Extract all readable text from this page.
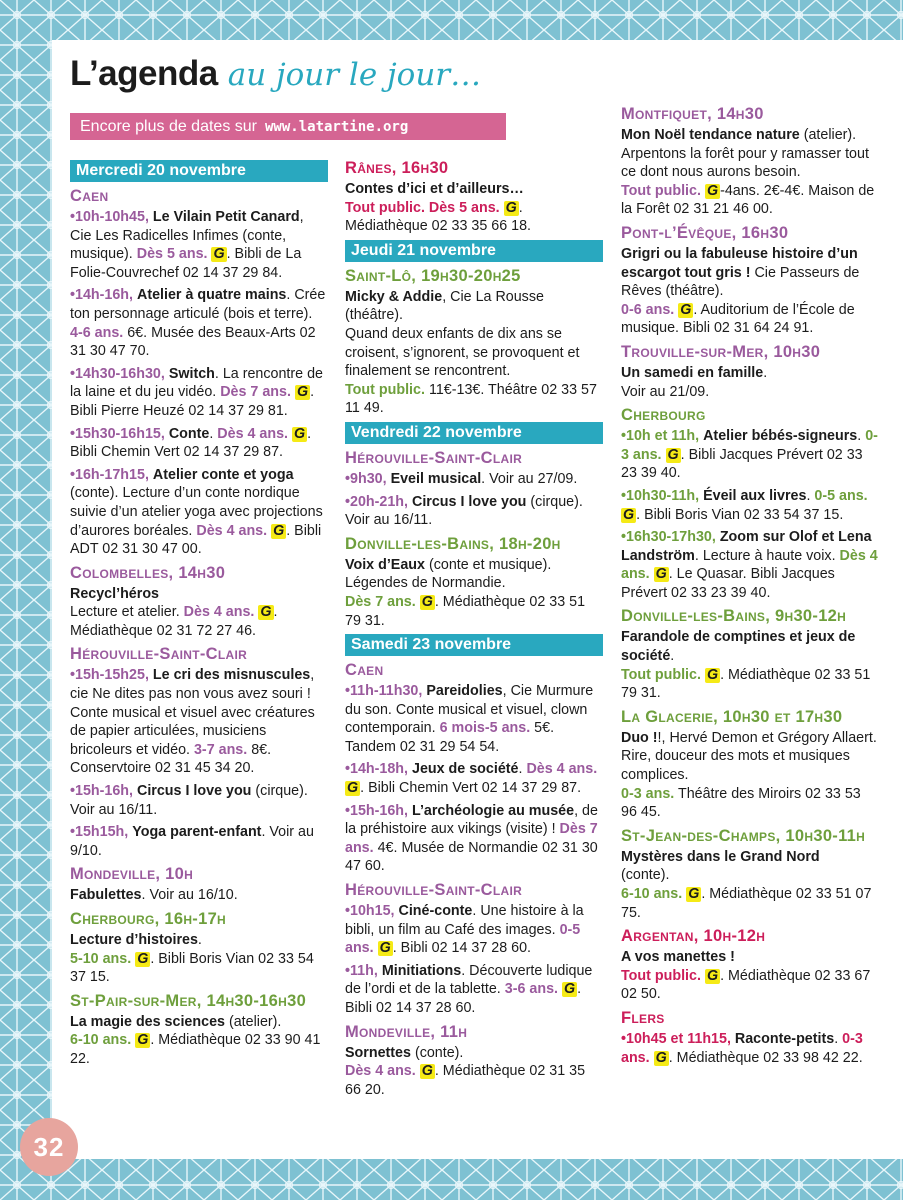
L’agenda au jour le jour…
Encore plus de dates sur www.latartine.org
Mercredi 20 novembre
Caen

•10h-10h45, Le Vilain Petit Canard, Cie Les Radicelles Infimes (conte, musique). Dès 5 ans. G . Bibli de La Folie-Couvrechef 02 14 37 29 84.

•14h-16h, Atelier à quatre mains. Crée ton personnage articulé (bois et terre). 4-6 ans. 6€. Musée des Beaux-Arts 02 31 30 47 70.

•14h30-16h30, Switch. La rencontre de la laine et du jeu vidéo. Dès 7 ans. G . Bibli Pierre Heuzé 02 14 37 29 81.

•15h30-16h15, Conte. Dès 4 ans. G . Bibli Chemin Vert 02 14 37 29 87.

•16h-17h15, Atelier conte et yoga (conte). Lecture d’un conte nordique suivie d’un atelier yoga avec projections d’aurores boréales. Dès 4 ans. G . Bibli ADT 02 31 30 47 00.

Colombelles, 14h30

Recycl’héros
Lecture et atelier. Dès 4 ans. G . Médiathèque 02 31 72 27 46.

Hérouville-Saint-Clair

•15h-15h25, Le cri des misnuscules, cie Ne dites pas non vous avez souri ! Conte musical et visuel avec créatures de papier articulées, musiciens bricoleurs et vidéo. 3-7 ans. 8€. Conservtoire 02 31 45 34 20.

•15h-16h, Circus I love you (cirque). Voir au 16/11.

•15h15h, Yoga parent-enfant. Voir au 9/10.

Mondeville, 10h

Fabulettes. Voir au 16/10.

Cherbourg, 16h-17h

Lecture d’histoires.
5-10 ans. G . Bibli Boris Vian 02 33 54 37 15.

St-Pair-sur-Mer, 14h30-16h30

La magie des sciences (atelier).
6-10 ans. G . Médiathèque 02 33 90 41 22.

Rânes, 16h30

Contes d’ici et d’ailleurs…
Tout public. Dès 5 ans. G . Médiathèque 02 33 35 66 18.

Jeudi 21 novembre
Saint-Lô, 19h30-20h25

Micky & Addie, Cie La Rousse (théâtre).
Quand deux enfants de dix ans se croisent, s’ignorent, se provoquent et finalement se rencontrent.
Tout public. 11€-13€. Théâtre 02 33 57 11 49.

Vendredi 22 novembre
Hérouville-Saint-Clair

•9h30, Eveil musical. Voir au 27/09.

•20h-21h, Circus I love you (cirque). Voir au 16/11.

Donville-les-Bains, 18h-20h

Voix d’Eaux (conte et musique). Légendes de Normandie.
Dès 7 ans. G . Médiathèque 02 33 51 79 31.

Samedi 23 novembre
Caen

•11h-11h30, Pareidolies, Cie Murmure du son. Conte musical et visuel, clown contemporain. 6 mois-5 ans. 5€. Tandem 02 31 29 54 54.

•14h-18h, Jeux de société. Dès 4 ans. G . Bibli Chemin Vert 02 14 37 29 87.

•15h-16h, L’archéologie au musée, de la préhistoire aux vikings (visite) ! Dès 7 ans. 4€. Musée de Normandie 02 31 30 47 60.

Hérouville-Saint-Clair

•10h15, Ciné-conte. Une histoire à la bibli, un film au Café des images. 0-5 ans. G . Bibli 02 14 37 28 60.

•11h, Minitiations. Découverte ludique de l’ordi et de la tablette. 3-6 ans. G . Bibli 02 14 37 28 60.

Mondeville, 11h

Sornettes (conte).
Dès 4 ans. G . Médiathèque 02 31 35 66 20.

Montfiquet, 14h30

Mon Noël tendance nature (atelier). Arpentons la forêt pour y ramasser tout ce dont nous aurons besoin.
Tout public. G -4ans. 2€-4€. Maison de la Forêt 02 31 21 46 00.

Pont-l’Évêque, 16h30

Grigri ou la fabuleuse histoire d’un escargot tout gris ! Cie Passeurs de Rêves (théâtre).
0-6 ans. G . Auditorium de l’École de musique. Bibli 02 31 64 24 91.

Trouville-sur-Mer, 10h30

Un samedi en famille.
Voir au 21/09.

Cherbourg

•10h et 11h, Atelier bébés-signeurs. 0-3 ans. G . Bibli Jacques Prévert 02 33 23 39 40.

•10h30-11h, Éveil aux livres. 0-5 ans. G . Bibli Boris Vian 02 33 54 37 15.

•16h30-17h30, Zoom sur Olof et Lena Landström. Lecture à haute voix. Dès 4 ans. G . Le Quasar. Bibli Jacques Prévert 02 33 23 39 40.

Donville-les-Bains, 9h30-12h

Farandole de comptines et jeux de société.
Tout public. G . Médiathèque 02 33 51 79 31.

La Glacerie, 10h30 et 17h30

Duo !!, Hervé Demon et Grégory Allaert.
Rire, douceur des mots et musiques complices.
0-3 ans. Théâtre des Miroirs 02 33 53 96 45.

St-Jean-des-Champs, 10h30-11h

Mystères dans le Grand Nord
(conte).
6-10 ans. G . Médiathèque 02 33 51 07 75.

Argentan, 10h-12h

A vos manettes !
Tout public. G . Médiathèque 02 33 67 02 50.

Flers

•10h45 et 11h15, Raconte-petits. 0-3 ans. G . Médiathèque 02 33 98 42 22.

32
